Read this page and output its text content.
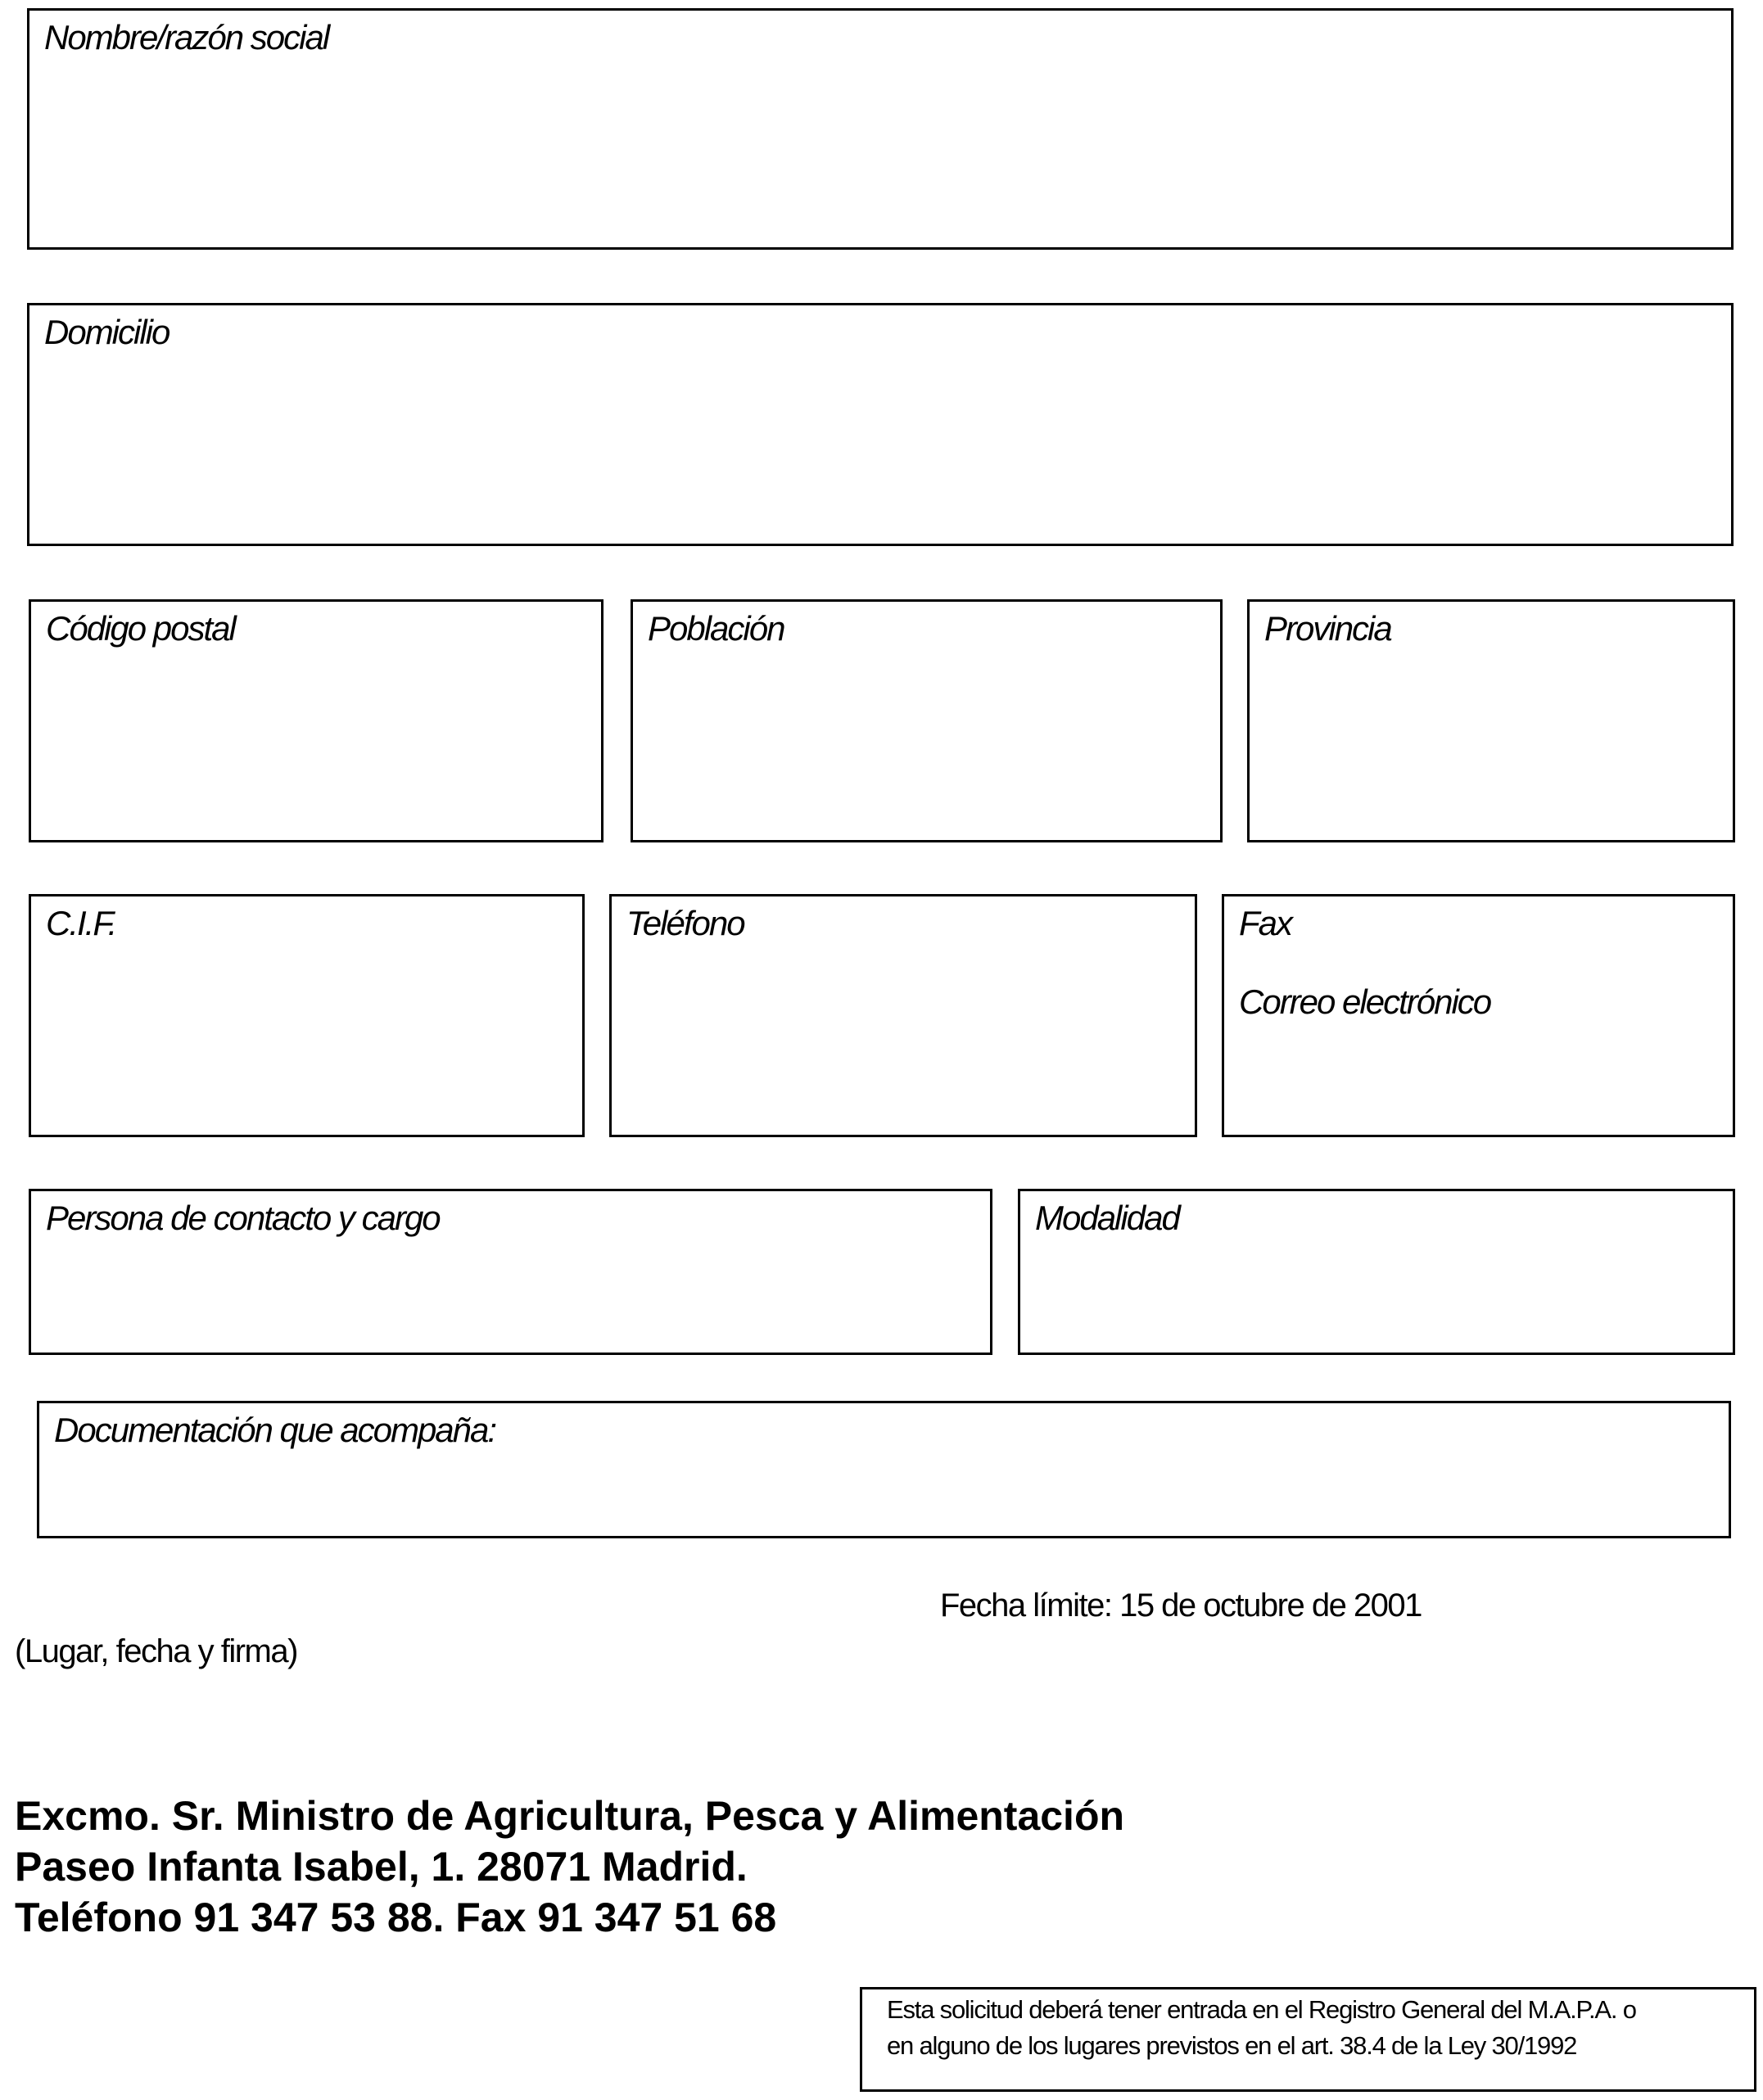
Nombre/razón social
Domicilio
Código postal	Población	Provincia
C.I.F.	Teléfono	Fax
Correo electrónico
Persona de contacto y cargo	Modalidad
Documentación que acompaña:
Fecha límite: 15 de octubre de 2001
(Lugar, fecha y firma)
Excmo. Sr. Ministro de Agricultura, Pesca y Alimentación
Paseo Infanta Isabel, 1. 28071 Madrid.
Teléfono 91 347 53 88. Fax 91 347 51 68
Esta solicitud deberá tener entrada en el Registro General del M.A.P.A. o
en alguno de los lugares previstos en el art. 38.4 de la Ley 30/1992
